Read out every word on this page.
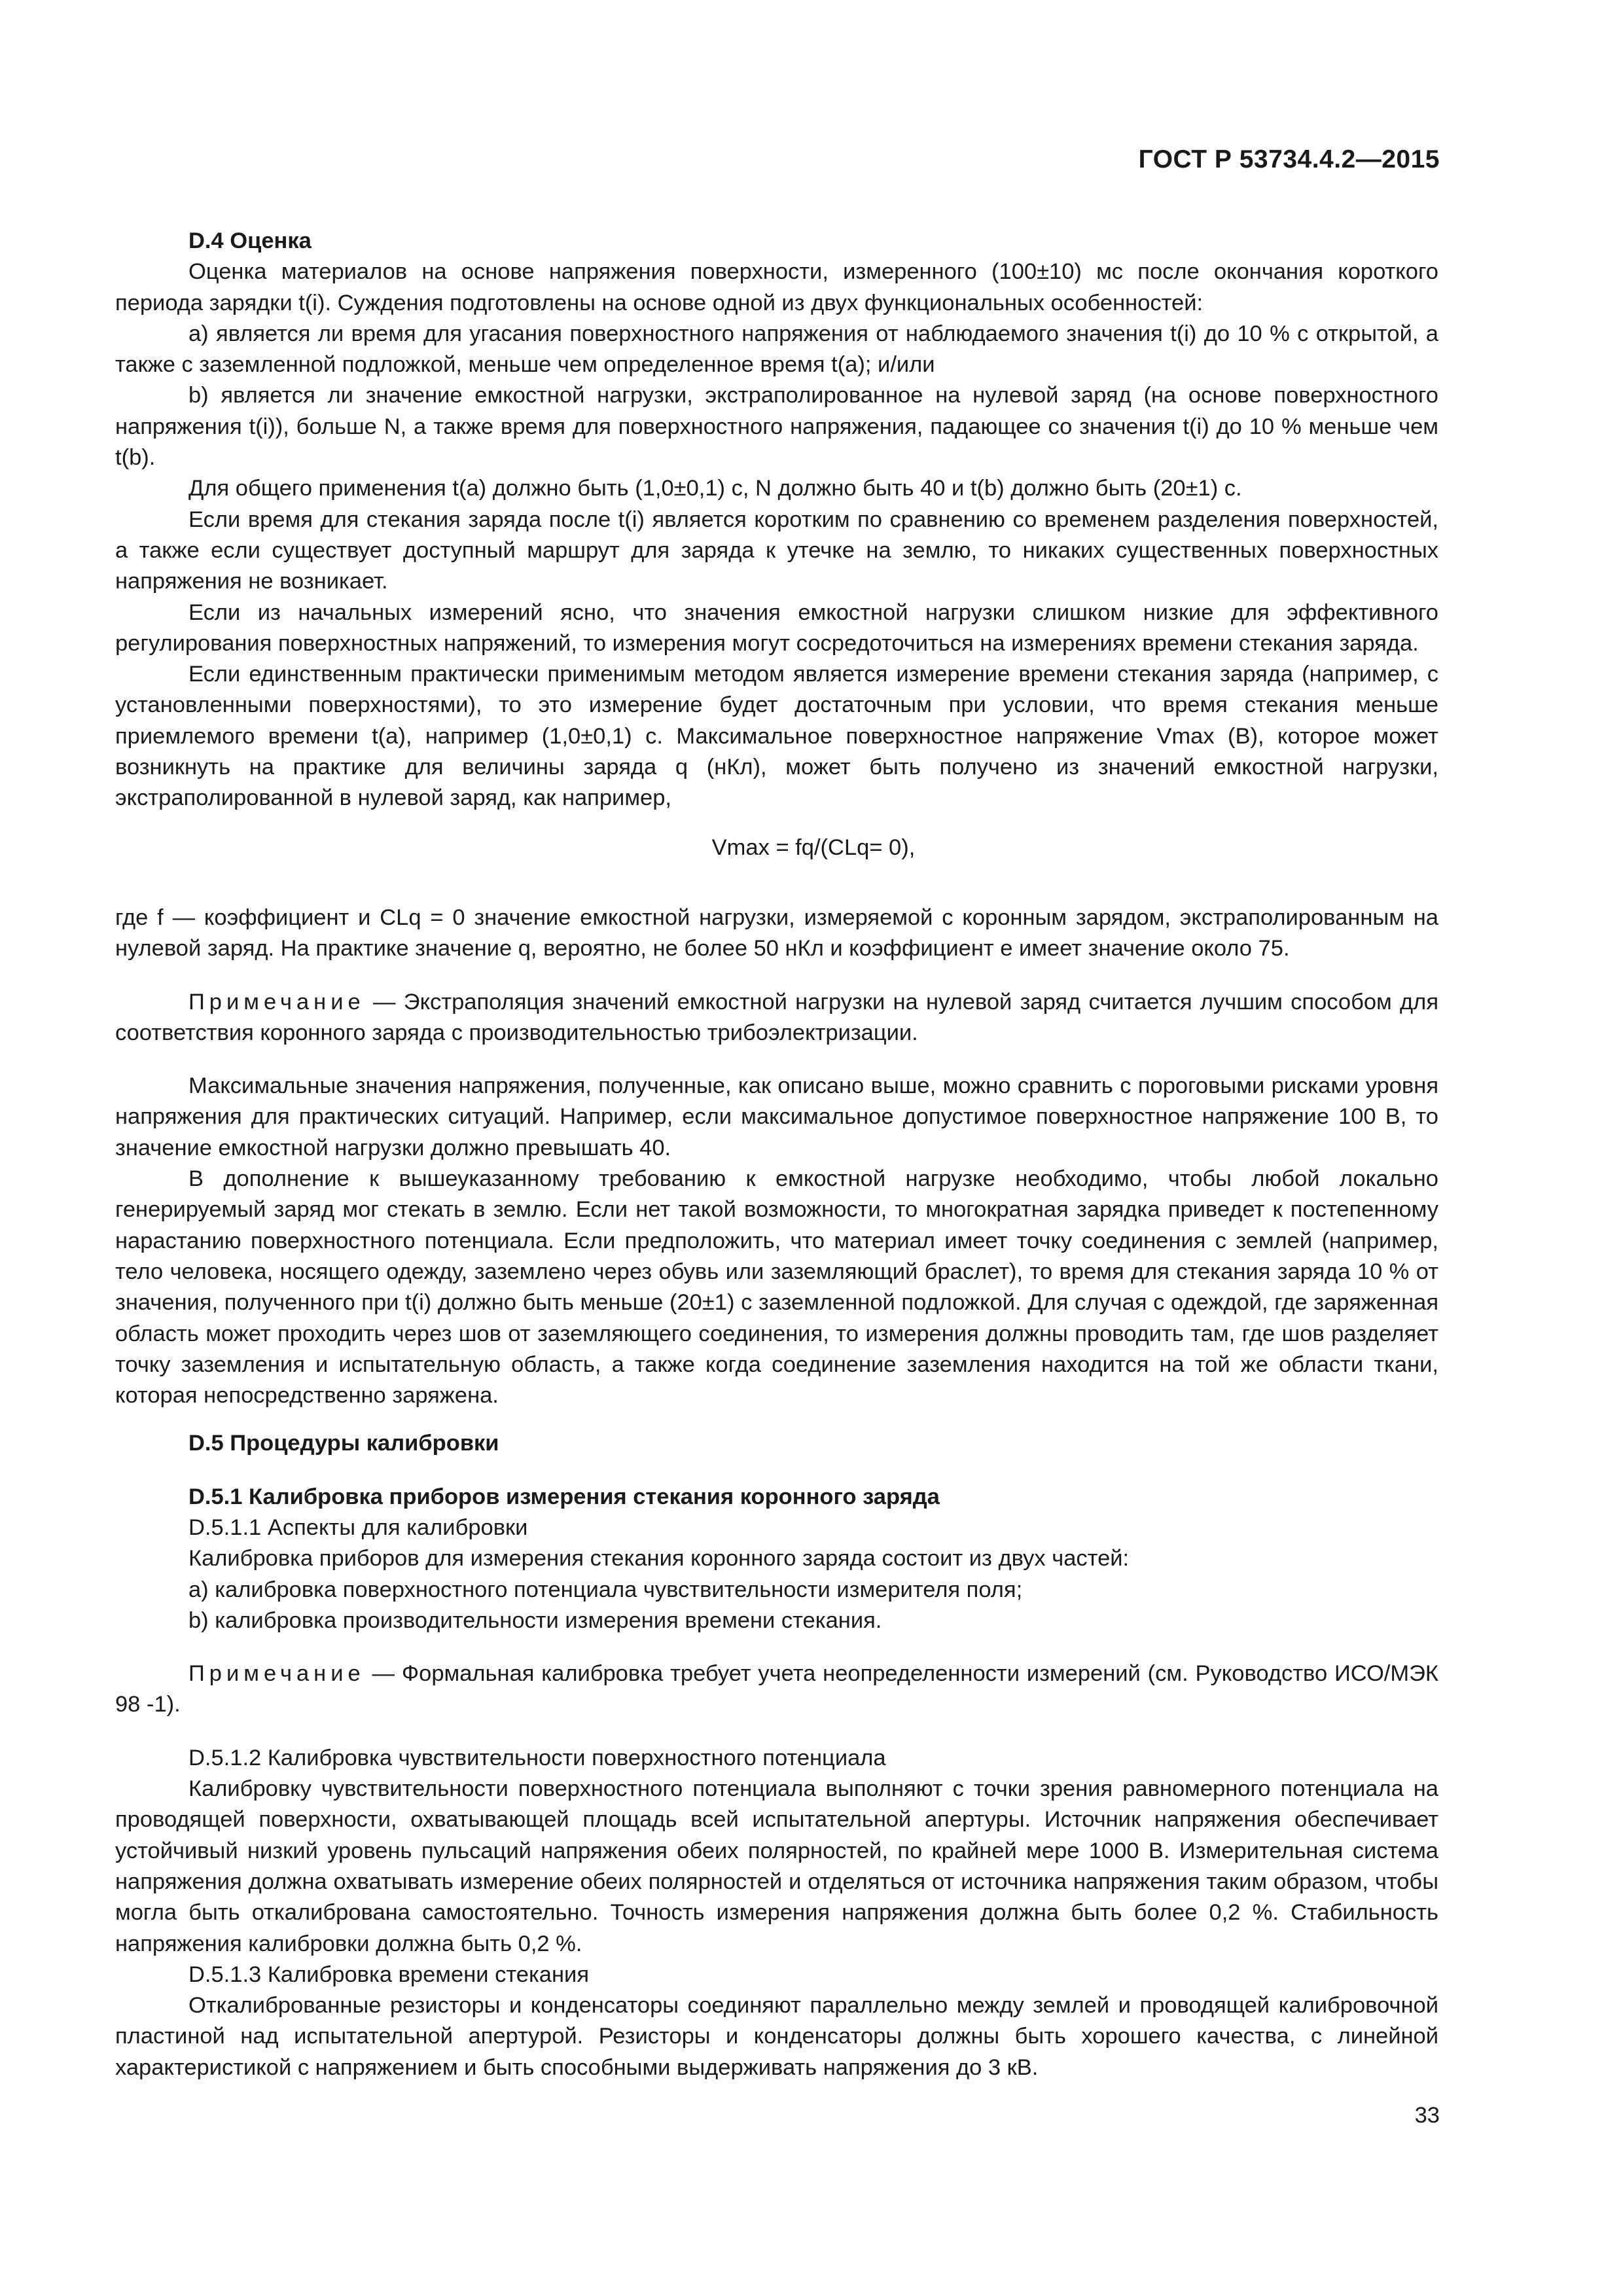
ГОСТ Р 53734.4.2—2015
D.4 Оценка

Оценка материалов на основе напряжения поверхности, измеренного (100±10) мс после окончания короткого периода зарядки t(i). Суждения подготовлены на основе одной из двух функциональных особенностей:

а) является ли время для угасания поверхностного напряжения от наблюдаемого значения t(i) до 10 % с открытой, а также с заземленной подложкой, меньше чем определенное время t(a); и/или

b) является ли значение емкостной нагрузки, экстраполированное на нулевой заряд (на основе поверхностного напряжения t(i)), больше N, а также время для поверхностного напряжения, падающее со значения t(i) до 10 % меньше чем t(b).

Для общего применения t(a) должно быть (1,0±0,1) с, N должно быть 40 и t(b) должно быть (20±1) с.

Если время для стекания заряда после t(i) является коротким по сравнению со временем разделения поверхностей, а также если существует доступный маршрут для заряда к утечке на землю, то никаких существенных поверхностных напряжения не возникает.

Если из начальных измерений ясно, что значения емкостной нагрузки слишком низкие для эффективного регулирования поверхностных напряжений, то измерения могут сосредоточиться на измерениях времени стекания заряда.

Если единственным практически применимым методом является измерение времени стекания заряда (например, с установленными поверхностями), то это измерение будет достаточным при условии, что время стекания меньше приемлемого времени t(a), например (1,0±0,1) с. Максимальное поверхностное напряжение Vmax (В), которое может возникнуть на практике для величины заряда q (нКл), может быть получено из значений емкостной нагрузки, экстраполированной в нулевой заряд, как например,

Vmax = fq/(CLq= 0),

где f — коэффициент и CLq = 0 значение емкостной нагрузки, измеряемой с коронным зарядом, экстраполированным на нулевой заряд. На практике значение q, вероятно, не более 50 нКл и коэффициент е имеет значение около 75.

Примечание — Экстраполяция значений емкостной нагрузки на нулевой заряд считается лучшим способом для соответствия коронного заряда с производительностью трибоэлектризации.

Максимальные значения напряжения, полученные, как описано выше, можно сравнить с пороговыми рисками уровня напряжения для практических ситуаций. Например, если максимальное допустимое поверхностное напряжение 100 В, то значение емкостной нагрузки должно превышать 40.

В дополнение к вышеуказанному требованию к емкостной нагрузке необходимо, чтобы любой локально генерируемый заряд мог стекать в землю. Если нет такой возможности, то многократная зарядка приведет к постепенному нарастанию поверхностного потенциала. Если предположить, что материал имеет точку соединения с землей (например, тело человека, носящего одежду, заземлено через обувь или заземляющий браслет), то время для стекания заряда 10 % от значения, полученного при t(i) должно быть меньше (20±1) с заземленной подложкой. Для случая с одеждой, где заряженная область может проходить через шов от заземляющего соединения, то измерения должны проводить там, где шов разделяет точку заземления и испытательную область, а также когда соединение заземления находится на той же области ткани, которая непосредственно заряжена.

D.5 Процедуры калибровки
D.5.1 Калибровка приборов измерения стекания коронного заряда

D.5.1.1 Аспекты для калибровки

Калибровка приборов для измерения стекания коронного заряда состоит из двух частей:

а) калибровка поверхностного потенциала чувствительности измерителя поля;

b) калибровка производительности измерения времени стекания.

Примечание — Формальная калибровка требует учета неопределенности измерений (см. Руководство ИСО/МЭК 98 -1).

D.5.1.2 Калибровка чувствительности поверхностного потенциала

Калибровку чувствительности поверхностного потенциала выполняют с точки зрения равномерного потенциала на проводящей поверхности, охватывающей площадь всей испытательной апертуры. Источник напряжения обеспечивает устойчивый низкий уровень пульсаций напряжения обеих полярностей, по крайней мере 1000 В. Измерительная система напряжения должна охватывать измерение обеих полярностей и отделяться от источника напряжения таким образом, чтобы могла быть откалибрована самостоятельно. Точность измерения напряжения должна быть более 0,2 %. Стабильность напряжения калибровки должна быть 0,2 %.

D.5.1.3 Калибровка времени стекания

Откалиброванные резисторы и конденсаторы соединяют параллельно между землей и проводящей калибровочной пластиной над испытательной апертурой. Резисторы и конденсаторы должны быть хорошего качества, с линейной характеристикой с напряжением и быть способными выдерживать напряжения до 3 кВ.

33
